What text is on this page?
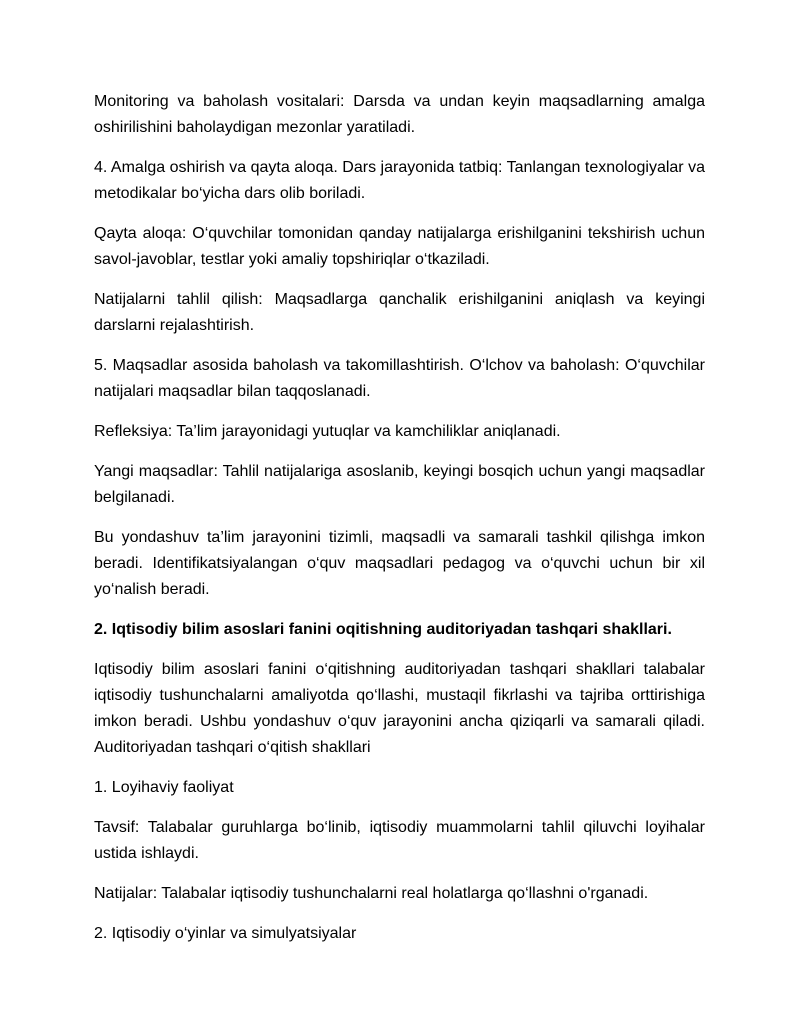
Monitoring va baholash vositalari: Darsda va undan keyin maqsadlarning amalga oshirilishini baholaydigan mezonlar yaratiladi.

4. Amalga oshirish va qayta aloqa. Dars jarayonida tatbiq: Tanlangan texnologiyalar va metodikalar bo‘yicha dars olib boriladi.

Qayta aloqa: O‘quvchilar tomonidan qanday natijalarga erishilganini tekshirish uchun savol-javoblar, testlar yoki amaliy topshiriqlar o‘tkaziladi.

Natijalarni tahlil qilish: Maqsadlarga qanchalik erishilganini aniqlash va keyingi darslarni rejalashtirish.

5. Maqsadlar asosida baholash va takomillashtirish. O‘lchov va baholash: O‘quvchilar natijalari maqsadlar bilan taqqoslanadi.

Refleksiya: Ta’lim jarayonidagi yutuqlar va kamchiliklar aniqlanadi.

Yangi maqsadlar: Tahlil natijalariga asoslanib, keyingi bosqich uchun yangi maqsadlar belgilanadi.

Bu yondashuv ta’lim jarayonini tizimli, maqsadli va samarali tashkil qilishga imkon beradi. Identifikatsiyalangan o‘quv maqsadlari pedagog va o‘quvchi uchun bir xil yo‘nalish beradi.

2. Iqtisodiy bilim asoslari fanini oqitishning auditoriyadan tashqari shakllari.

Iqtisodiy bilim asoslari fanini o‘qitishning auditoriyadan tashqari shakllari talabalar iqtisodiy tushunchalarni amaliyotda qo‘llashi, mustaqil fikrlashi va tajriba orttirishiga imkon beradi. Ushbu yondashuv o‘quv jarayonini ancha qiziqarli va samarali qiladi. Auditoriyadan tashqari o‘qitish shakllari

1. Loyihaviy faoliyat

Tavsif: Talabalar guruhlarga bo‘linib, iqtisodiy muammolarni tahlil qiluvchi loyihalar ustida ishlaydi.

Natijalar: Talabalar iqtisodiy tushunchalarni real holatlarga qo‘llashni o'rganadi.

2. Iqtisodiy o‘yinlar va simulyatsiyalar
